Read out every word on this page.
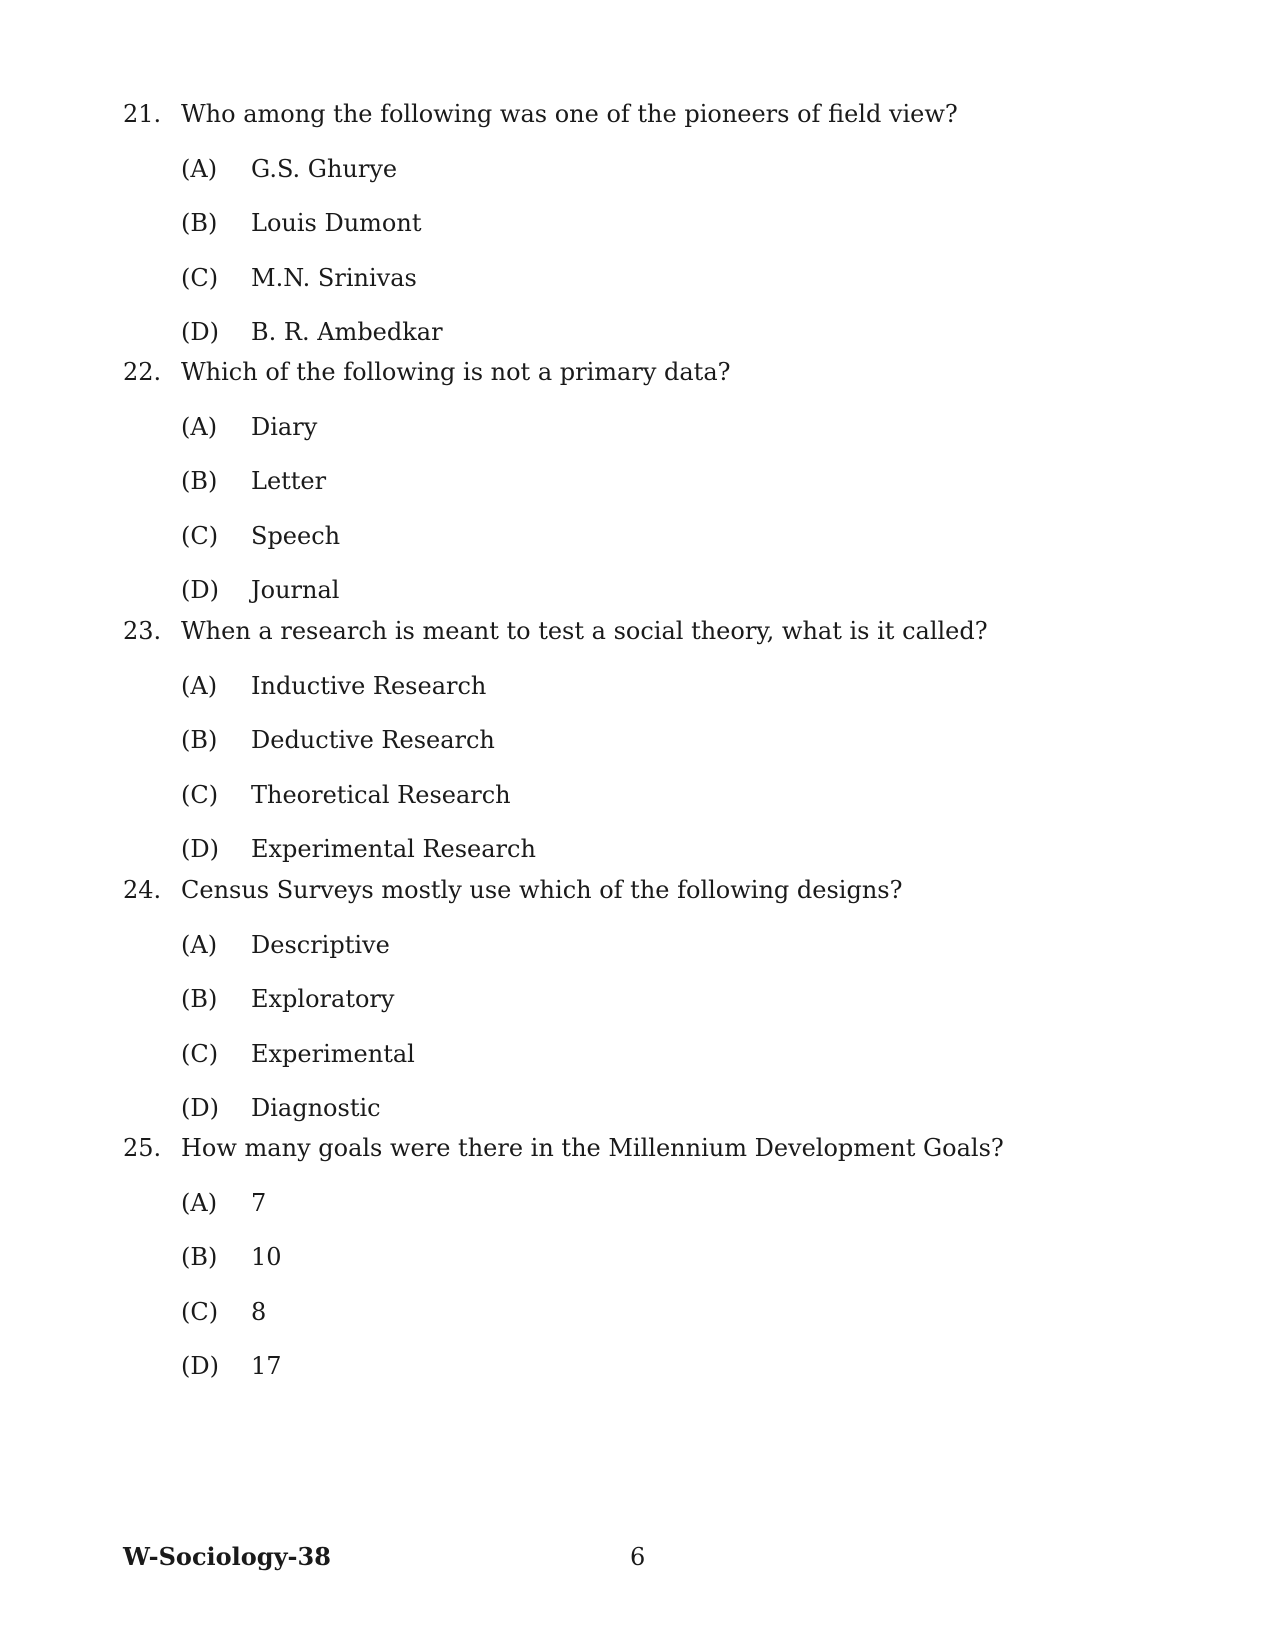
21. Who among the following was one of the pioneers of field view?
(A) G.S. Ghurye
(B) Louis Dumont
(C) M.N. Srinivas
(D) B. R. Ambedkar
22. Which of the following is not a primary data?
(A) Diary
(B) Letter
(C) Speech
(D) Journal
23. When a research is meant to test a social theory, what is it called?
(A) Inductive Research
(B) Deductive Research
(C) Theoretical Research
(D) Experimental Research
24. Census Surveys mostly use which of the following designs?
(A) Descriptive
(B) Exploratory
(C) Experimental
(D) Diagnostic
25. How many goals were there in the Millennium Development Goals?
(A) 7
(B) 10
(C) 8
(D) 17
W-Sociology-38	6
